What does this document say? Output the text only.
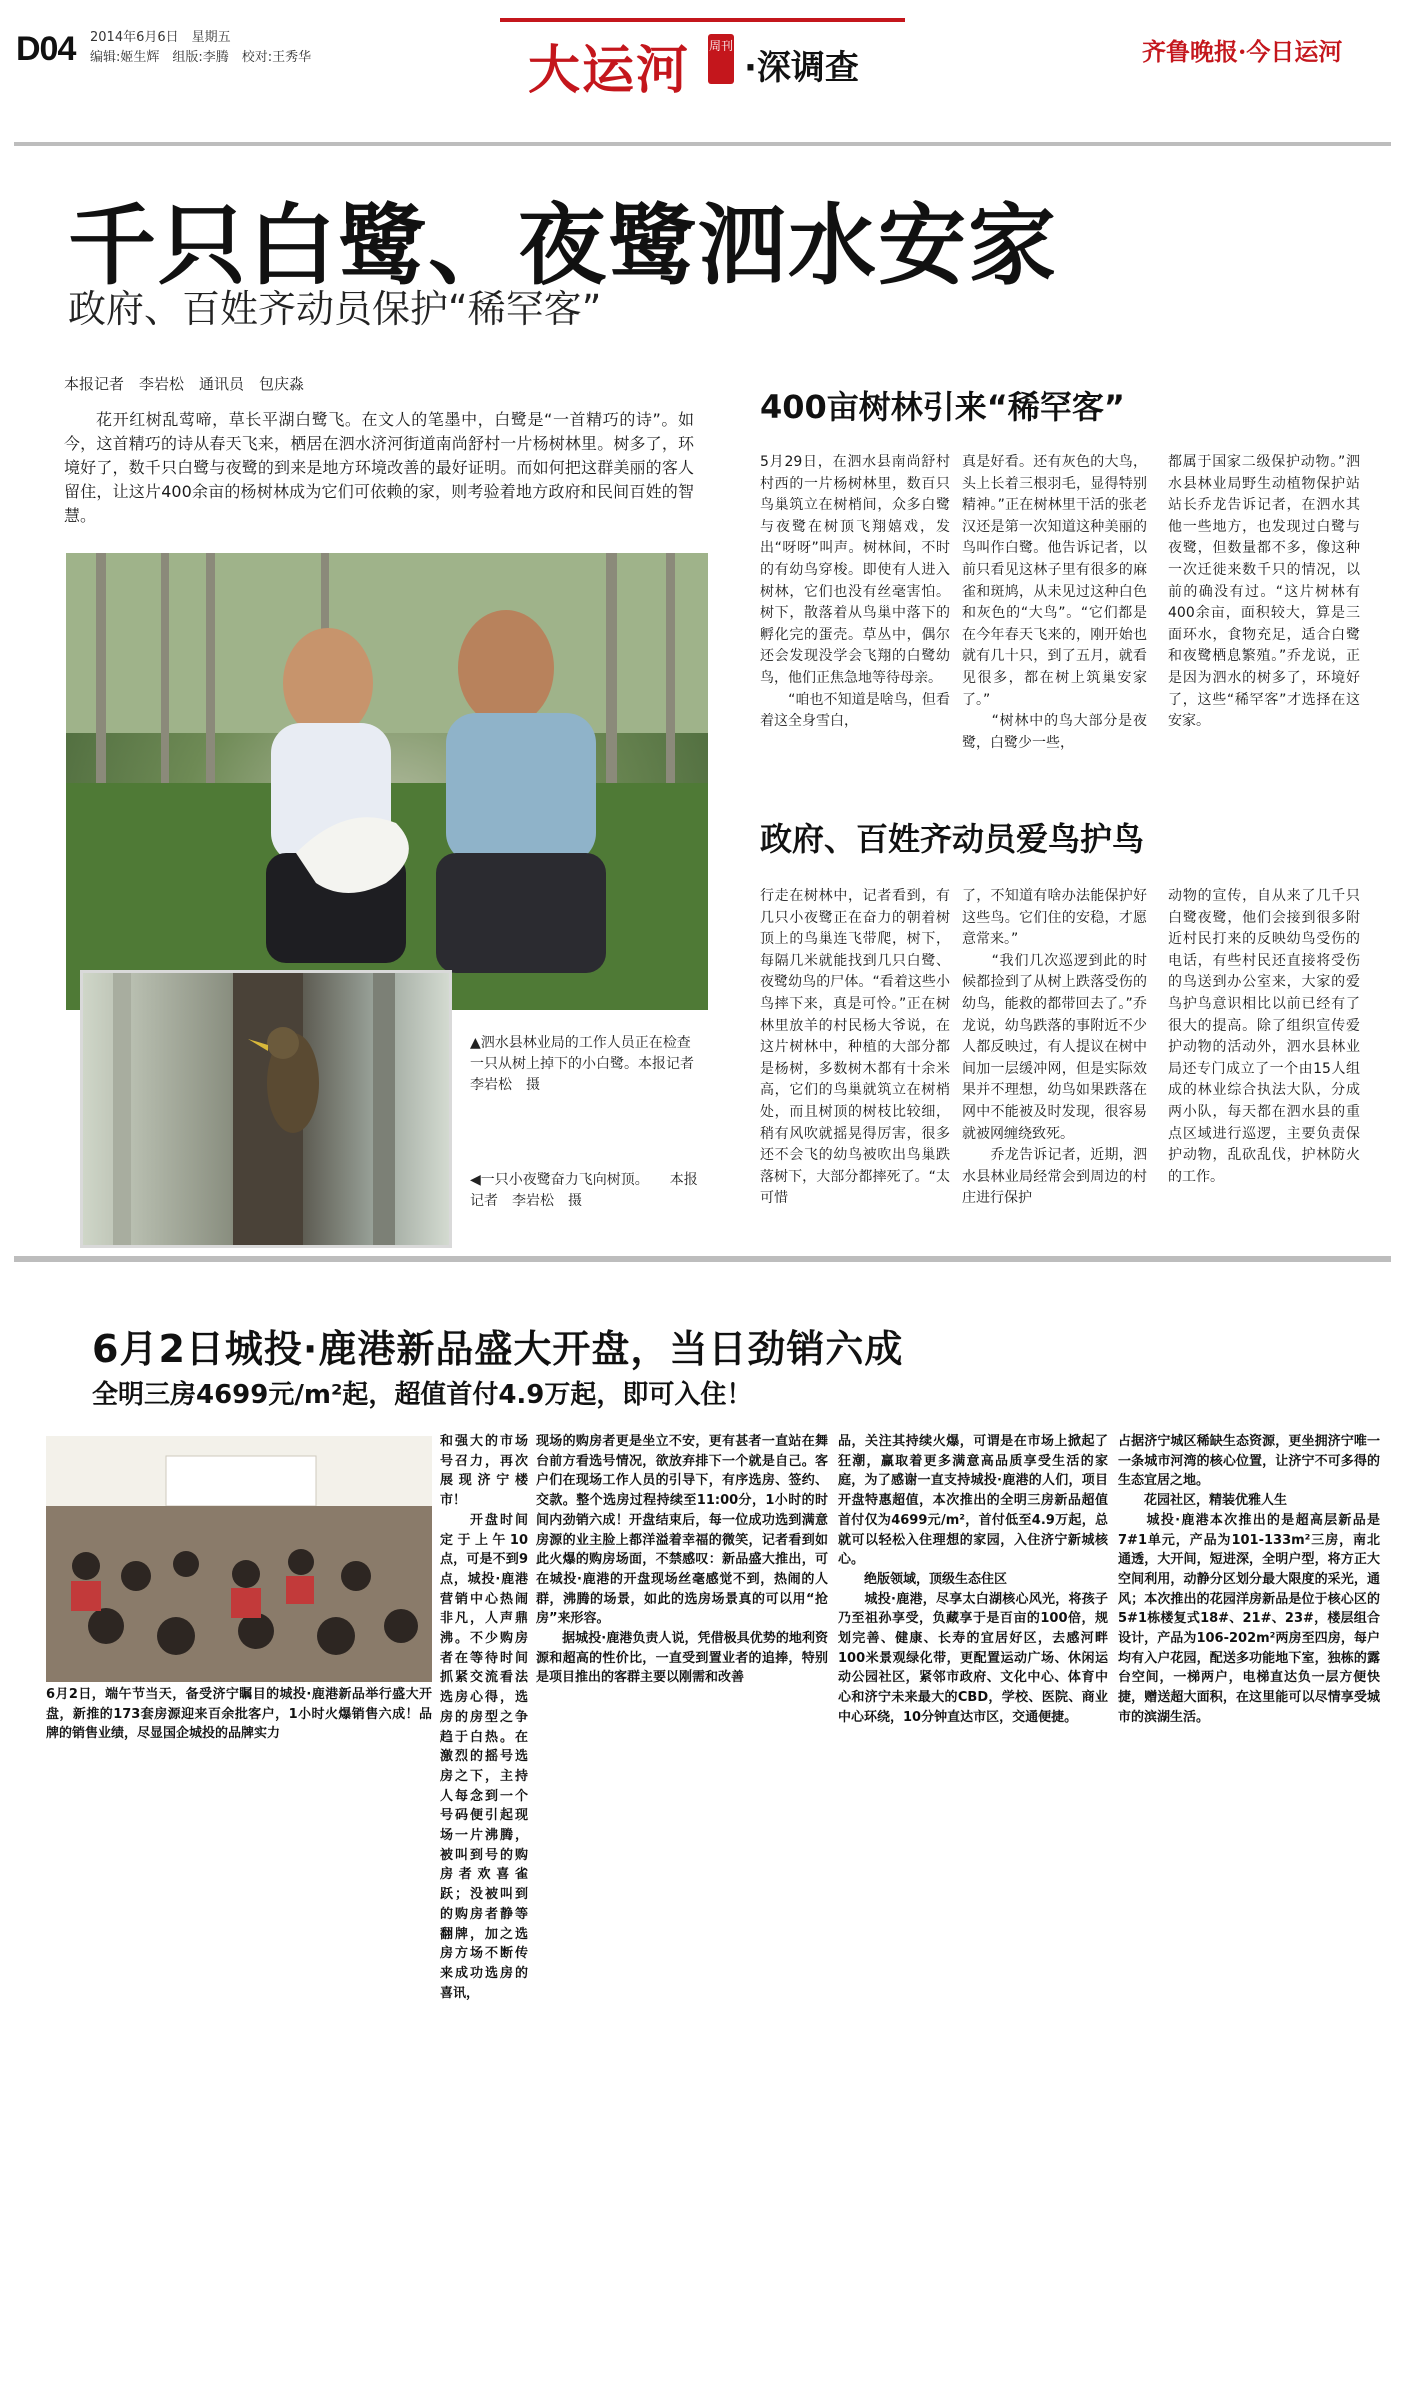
D04 2014年6月6日　星期五
编辑:姬生辉　组版:李腾　校对:王秀华	大运河 周刊
·深调查	齐鲁晚报·今日运河
千只白鹭、夜鹭泗水安家
政府、百姓齐动员保护“稀罕客”
本报记者　李岩松　通讯员　包庆淼
花开红树乱莺啼，草长平湖白鹭飞。在文人的笔墨中，白鹭是“一首精巧的诗”。如今，这首精巧的诗从春天飞来，栖居在泗水济河街道南尚舒村一片杨树林里。树多了，环境好了，数千只白鹭与夜鹭的到来是地方环境改善的最好证明。而如何把这群美丽的客人留住，让这片400余亩的杨树林成为它们可依赖的家，则考验着地方政府和民间百姓的智慧。
▲泗水县林业局的工作人员正在检查一只从树上掉下的小白鹭。本报记者　李岩松　摄
◀一只小夜鹭奋力飞向树顶。　　本报记者　李岩松　摄
400亩树林引来“稀罕客”
5月29日，在泗水县南尚舒村村西的一片杨树林里，数百只鸟巢筑立在树梢间，众多白鹭与夜鹭在树顶飞翔嬉戏，发出“呀呀”叫声。树林间，不时的有幼鸟穿梭。即使有人进入树林，它们也没有丝毫害怕。树下，散落着从鸟巢中落下的孵化完的蛋壳。草丛中，偶尔还会发现没学会飞翔的白鹭幼鸟，他们正焦急地等待母亲。
　　“咱也不知道是啥鸟，但看着这全身雪白，
真是好看。还有灰色的大鸟，头上长着三根羽毛，显得特别精神。”正在树林里干活的张老汉还是第一次知道这种美丽的鸟叫作白鹭。他告诉记者，以前只看见这林子里有很多的麻雀和斑鸠，从未见过这种白色和灰色的“大鸟”。“它们都是在今年春天飞来的，刚开始也就有几十只，到了五月，就看见很多，都在树上筑巢安家了。”
　　“树林中的鸟大部分是夜鹭，白鹭少一些，
都属于国家二级保护动物。”泗水县林业局野生动植物保护站站长乔龙告诉记者，在泗水其他一些地方，也发现过白鹭与夜鹭，但数量都不多，像这种一次迁徙来数千只的情况，以前的确没有过。“这片树林有400余亩，面积较大，算是三面环水，食物充足，适合白鹭和夜鹭栖息繁殖。”乔龙说，正是因为泗水的树多了，环境好了，这些“稀罕客”才选择在这安家。
政府、百姓齐动员爱鸟护鸟
行走在树林中，记者看到，有几只小夜鹭正在奋力的朝着树顶上的鸟巢连飞带爬，树下，每隔几米就能找到几只白鹭、夜鹭幼鸟的尸体。“看着这些小鸟摔下来，真是可怜。”正在树林里放羊的村民杨大爷说，在这片树林中，种植的大部分都是杨树，多数树木都有十余米高，它们的鸟巢就筑立在树梢处，而且树顶的树枝比较细，稍有风吹就摇晃得厉害，很多还不会飞的幼鸟被吹出鸟巢跌落树下，大部分都摔死了。“太可惜
了，不知道有啥办法能保护好这些鸟。它们住的安稳，才愿意常来。”
　　“我们几次巡逻到此的时候都捡到了从树上跌落受伤的幼鸟，能救的都带回去了。”乔龙说，幼鸟跌落的事附近不少人都反映过，有人提议在树中间加一层缓冲网，但是实际效果并不理想，幼鸟如果跌落在网中不能被及时发现，很容易就被网缠绕致死。
　　乔龙告诉记者，近期，泗水县林业局经常会到周边的村庄进行保护
动物的宣传，自从来了几千只白鹭夜鹭，他们会接到很多附近村民打来的反映幼鸟受伤的电话，有些村民还直接将受伤的鸟送到办公室来，大家的爱鸟护鸟意识相比以前已经有了很大的提高。除了组织宣传爱护动物的活动外，泗水县林业局还专门成立了一个由15人组成的林业综合执法大队，分成两小队，每天都在泗水县的重点区域进行巡逻，主要负责保护动物，乱砍乱伐，护林防火的工作。
6月2日城投·鹿港新品盛大开盘，当日劲销六成
全明三房4699元/m²起，超值首付4.9万起，即可入住！
6月2日，端午节当天，备受济宁瞩目的城投·鹿港新品举行盛大开盘，新推的173套房源迎来百余批客户，1小时火爆销售六成！品牌的销售业绩，尽显国企城投的品牌实力
和强大的市场号召力，再次展现济宁楼市！
　　开盘时间定于上午10点，可是不到9点，城投·鹿港营销中心热闹非凡，人声鼎沸。不少购房者在等待时间抓紧交流看法选房心得，选房的房型之争趋于白热。在激烈的摇号选房之下，主持人每念到一个号码便引起现场一片沸腾，被叫到号的购房者欢喜雀跃；没被叫到的购房者静等翻牌，加之选房方场不断传来成功选房的喜讯，
现场的购房者更是坐立不安，更有甚者一直站在舞台前方看选号情况，欲放弃排下一个就是自己。客户们在现场工作人员的引导下，有序选房、签约、交款。整个选房过程持续至11:00分，1小时的时间内劲销六成！开盘结束后，每一位成功选到满意房源的业主脸上都洋溢着幸福的微笑，记者看到如此火爆的购房场面，不禁感叹：新品盛大推出，可在城投·鹿港的开盘现场丝毫感觉不到，热闹的人群，沸腾的场景，如此的选房场景真的可以用“抢房”来形容。
　　据城投·鹿港负责人说，凭借极具优势的地利资源和超高的性价比，一直受到置业者的追捧，特别是项目推出的客群主要以刚需和改善
品，关注其持续火爆，可谓是在市场上掀起了狂潮，赢取着更多满意高品质享受生活的家庭，为了感谢一直支持城投·鹿港的人们，项目开盘特惠超值，本次推出的全明三房新品超值首付仅为4699元/m²，首付低至4.9万起，总就可以轻松入住理想的家园，入住济宁新城核心。
　　绝版领域，顶级生态住区
　　城投·鹿港，尽享太白湖核心风光，将孩子乃至祖孙享受，负藏享于是百亩的100倍，规划完善、健康、长寿的宜居好区，去感河畔100米景观绿化带，更配置运动广场、休闲运动公园社区，紧邻市政府、文化中心、体育中心和济宁未来最大的CBD，学校、医院、商业中心环绕，10分钟直达市区，交通便捷。
占据济宁城区稀缺生态资源，更坐拥济宁唯一一条城市河湾的核心位置，让济宁不可多得的生态宜居之地。
　　花园社区，精装优雅人生
　　城投·鹿港本次推出的是超高层新品是7#1单元，产品为101-133m²三房，南北通透，大开间，短进深，全明户型，将方正大空间利用，动静分区划分最大限度的采光，通风；本次推出的花园洋房新品是位于核心区的5#1栋楼复式18#、21#、23#，楼层组合设计，产品为106-202m²两房至四房，每户均有入户花园，配送多功能地下室，独栋的露台空间，一梯两户，电梯直达负一层方便快捷，赠送超大面积，在这里能可以尽情享受城市的滨湖生活。
